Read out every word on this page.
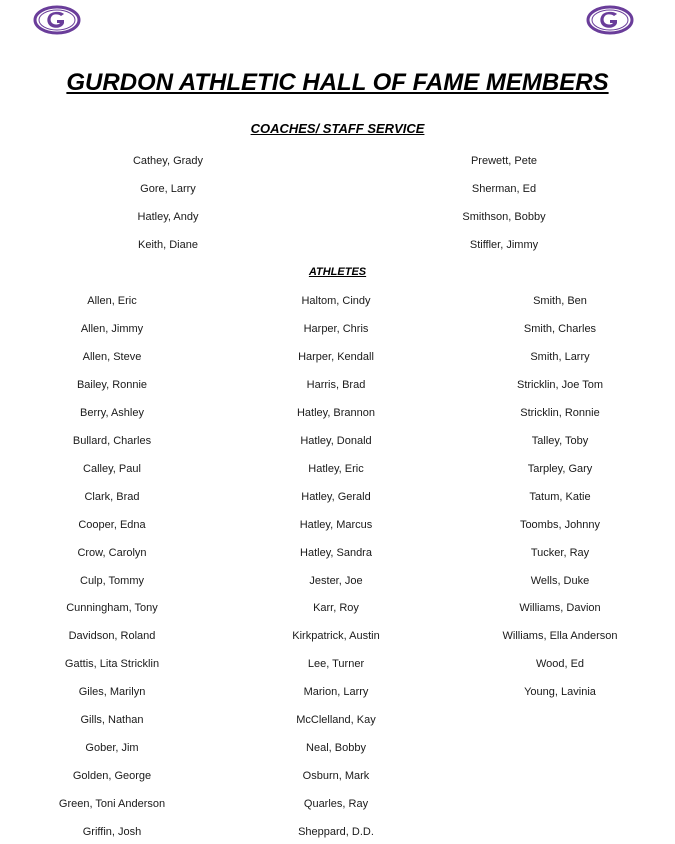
GURDON ATHLETIC HALL OF FAME MEMBERS
COACHES/ STAFF SERVICE
Cathey, Grady
Gore, Larry
Hatley, Andy
Keith, Diane
Prewett, Pete
Sherman, Ed
Smithson, Bobby
Stiffler, Jimmy
ATHLETES
Allen, Eric
Allen, Jimmy
Allen, Steve
Bailey, Ronnie
Berry, Ashley
Bullard, Charles
Calley, Paul
Clark, Brad
Cooper, Edna
Crow, Carolyn
Culp, Tommy
Cunningham, Tony
Davidson, Roland
Gattis, Lita Stricklin
Giles, Marilyn
Gills, Nathan
Gober, Jim
Golden, George
Green, Toni Anderson
Griffin, Josh
Haltom, Cindy
Harper, Chris
Harper, Kendall
Harris, Brad
Hatley, Brannon
Hatley, Donald
Hatley, Eric
Hatley, Gerald
Hatley, Marcus
Hatley, Sandra
Jester, Joe
Karr, Roy
Kirkpatrick, Austin
Lee, Turner
Marion, Larry
McClelland, Kay
Neal, Bobby
Osburn, Mark
Quarles, Ray
Sheppard, D.D.
Smith, Ben
Smith, Charles
Smith, Larry
Stricklin, Joe Tom
Stricklin, Ronnie
Talley, Toby
Tarpley, Gary
Tatum, Katie
Toombs, Johnny
Tucker, Ray
Wells, Duke
Williams, Davion
Williams, Ella Anderson
Wood, Ed
Young, Lavinia
